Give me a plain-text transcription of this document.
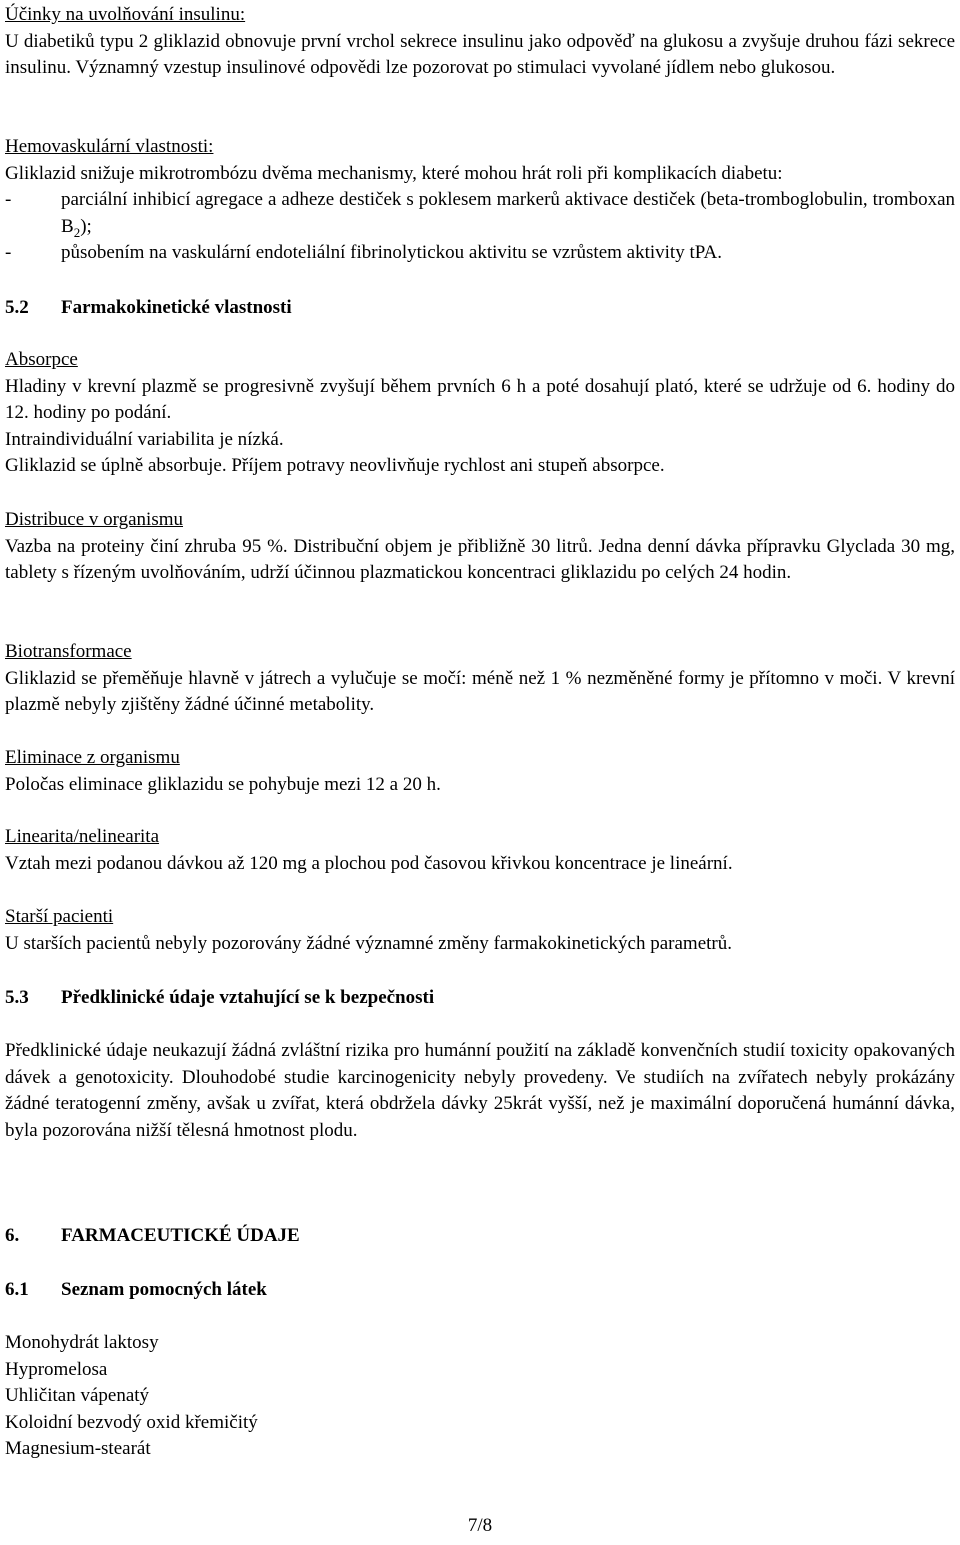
Účinky na uvolňování insulinu:
U diabetiků typu 2 gliklazid obnovuje první vrchol sekrece insulinu jako odpověď na glukosu a zvyšuje druhou fázi sekrece insulinu. Významný vzestup insulinové odpovědi lze pozorovat po stimulaci vyvolané jídlem nebo glukosou.
Hemovaskulární vlastnosti:
Gliklazid snižuje mikrotrombózu dvěma mechanismy, které mohou hrát roli při komplikacích diabetu:
-	parciální inhibicí agregace a adheze destiček s poklesem markerů aktivace destiček (beta-tromboglobulin, tromboxan $B_2$);
-	působením na vaskulární endoteliální fibrinolytickou aktivitu se vzrůstem aktivity tPA.
5.2	Farmakokinetické vlastnosti
Absorpce
Hladiny v krevní plazmě se progresivně zvyšují během prvních 6 h a poté dosahují plató, které se udržuje od 6. hodiny do 12. hodiny po podání.
Intraindividuální variabilita je nízká.
Gliklazid se úplně absorbuje. Příjem potravy neovlivňuje rychlost ani stupeň absorpce.
Distribuce v organismu
Vazba na proteiny činí zhruba 95 %. Distribuční objem je přibližně 30 litrů. Jedna denní dávka přípravku Glyclada 30 mg, tablety s řízeným uvolňováním, udrží účinnou plazmatickou koncentraci gliklazidu po celých 24 hodin.
Biotransformace
Gliklazid se přeměňuje hlavně v játrech a vylučuje se močí: méně než 1 % nezměněné formy je přítomno v moči. V krevní plazmě nebyly zjištěny žádné účinné metabolity.
Eliminace z organismu
Poločas eliminace gliklazidu se pohybuje mezi 12 a 20 h.
Linearita/nelinearita
Vztah mezi podanou dávkou až 120 mg a plochou pod časovou křivkou koncentrace je lineární.
Starší pacienti
U starších pacientů nebyly pozorovány žádné významné změny farmakokinetických parametrů.
5.3	Předklinické údaje vztahující se k bezpečnosti
Předklinické údaje neukazují žádná zvláštní rizika pro humánní použití na základě konvenčních studií toxicity opakovaných dávek a genotoxicity. Dlouhodobé studie karcinogenicity nebyly provedeny. Ve studiích na zvířatech nebyly prokázány žádné teratogenní změny, avšak u zvířat, která obdržela dávky 25krát vyšší, než je maximální doporučená humánní dávka, byla pozorována nižší tělesná hmotnost plodu.
6.	FARMACEUTICKÉ ÚDAJE
6.1	Seznam pomocných látek
Monohydrát laktosy
Hypromelosa
Uhličitan vápenatý
Koloidní bezvodý oxid křemičitý
Magnesium-stearát
7/8
